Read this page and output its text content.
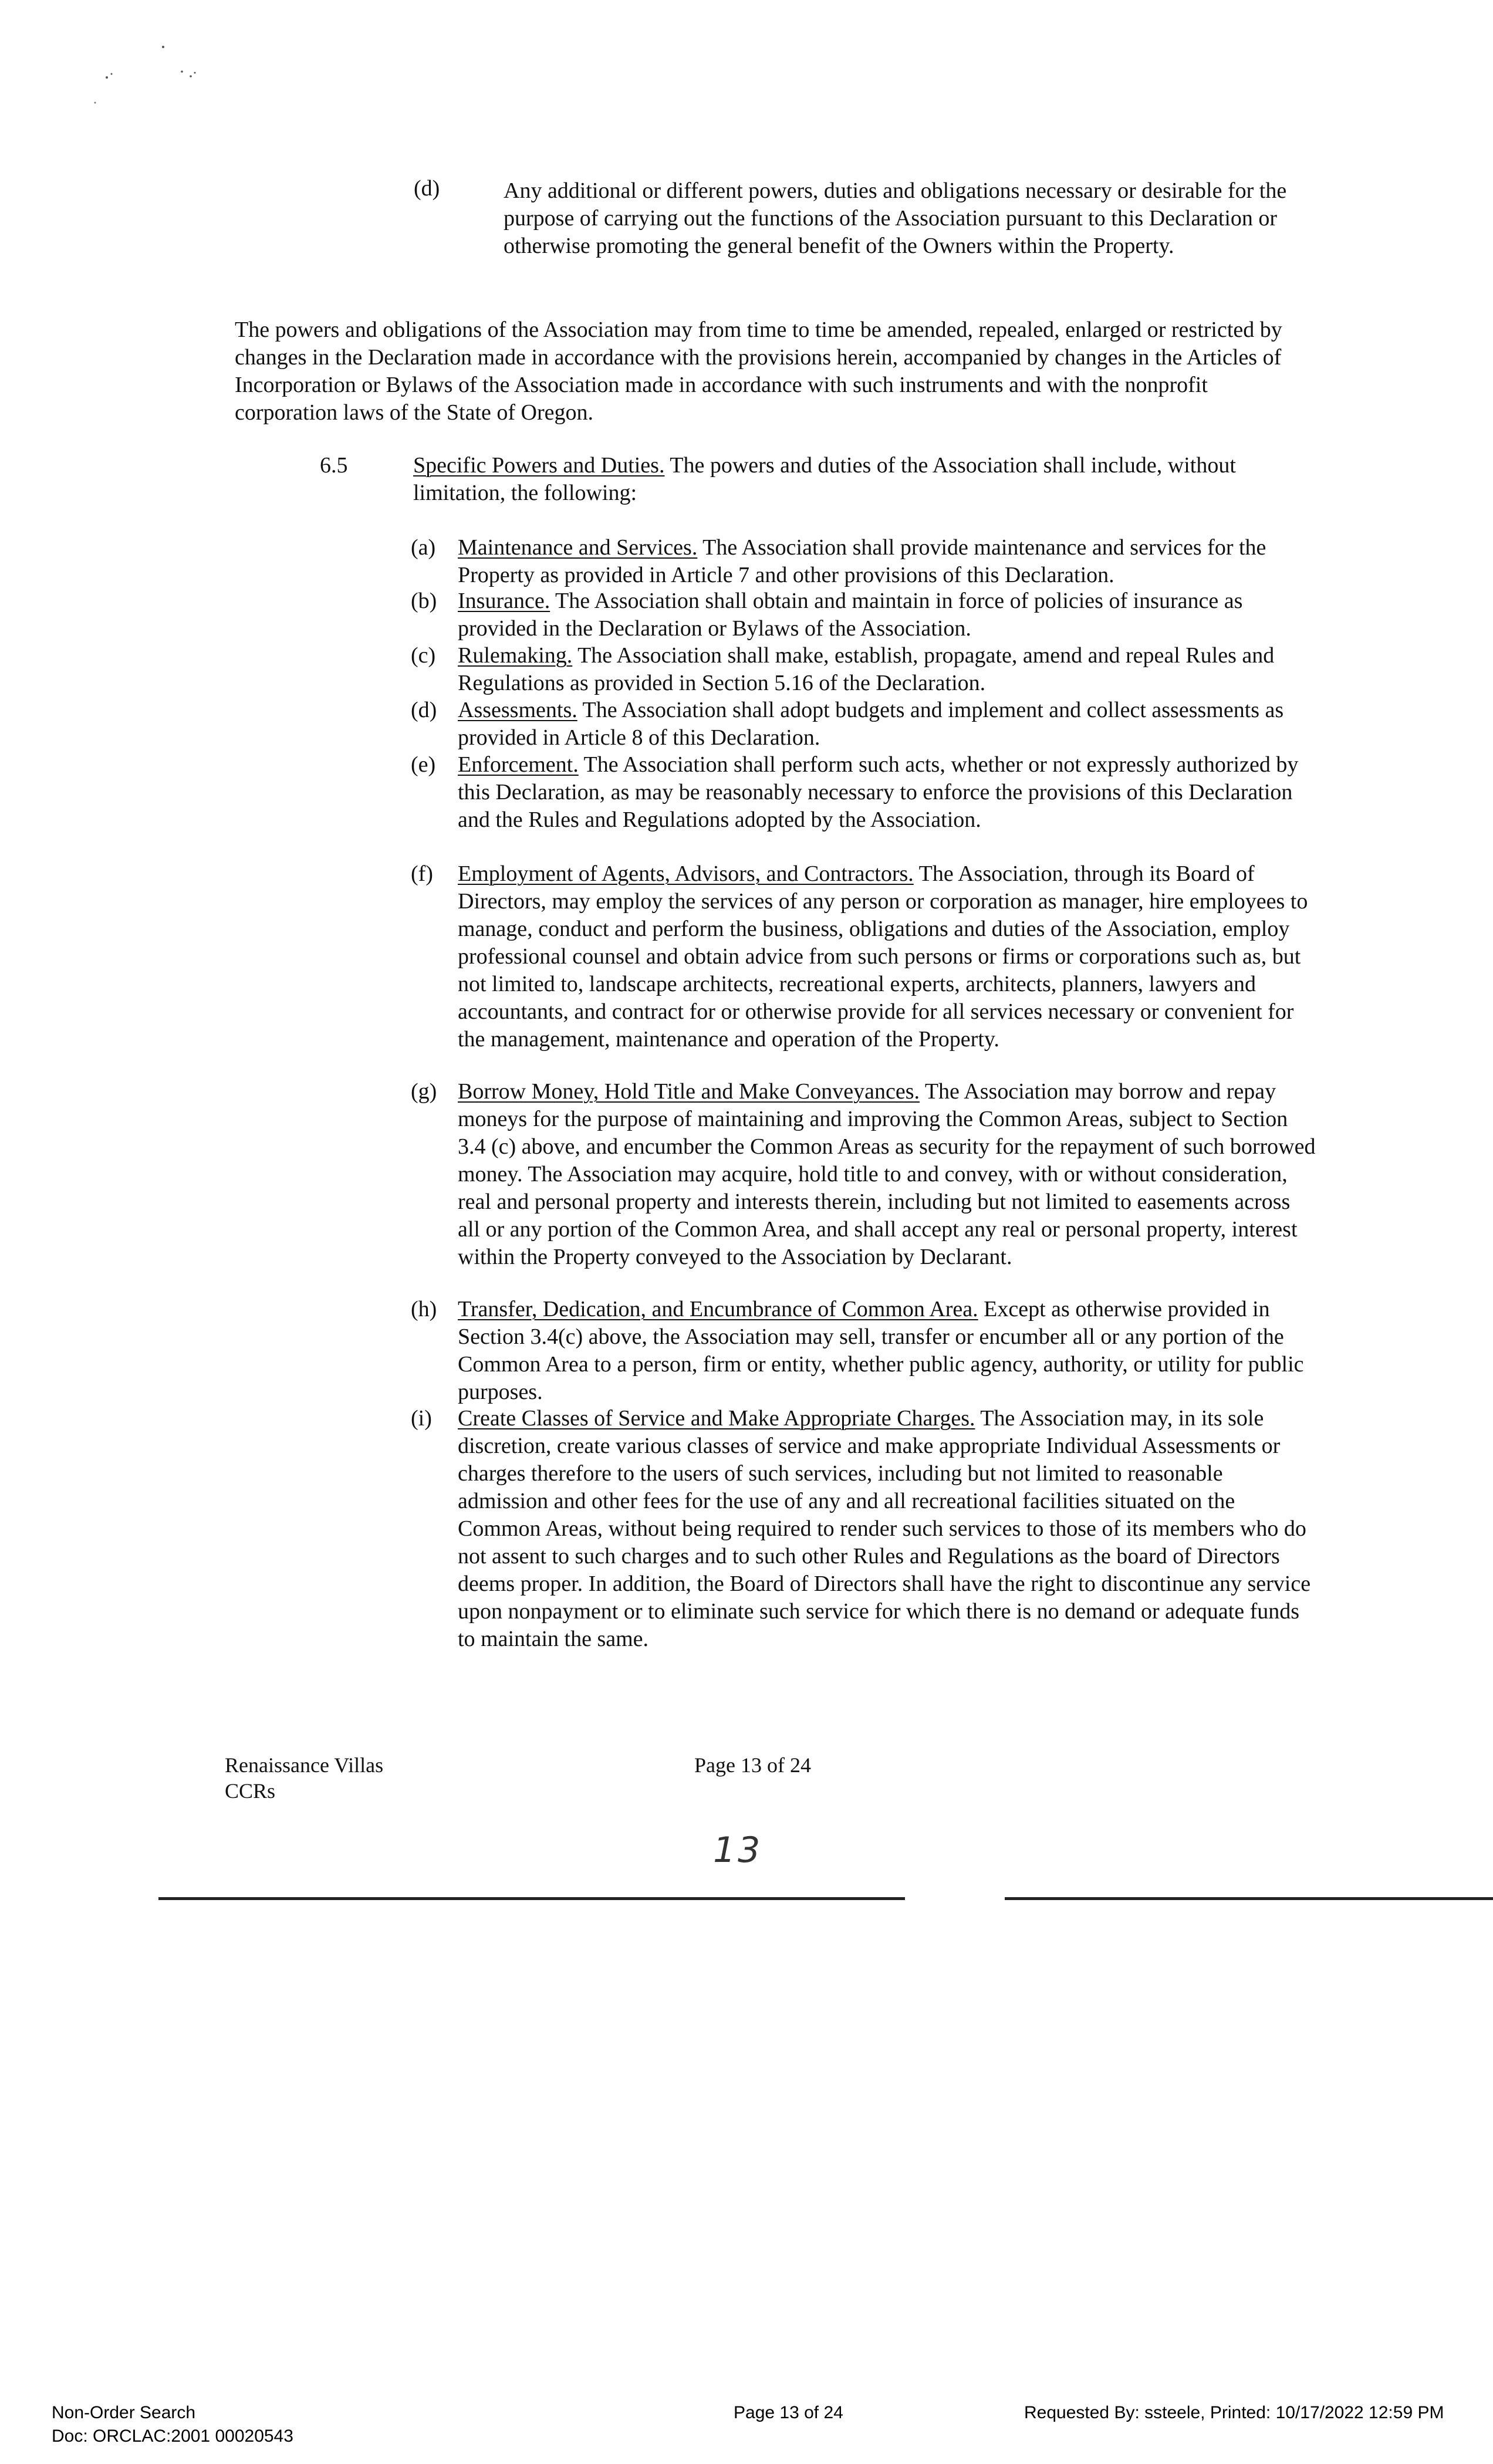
(d)	Any additional or different powers, duties and obligations necessary or desirable for the purpose of carrying out the functions of the Association pursuant to this Declaration or otherwise promoting the general benefit of the Owners within the Property.

The powers and obligations of the Association may from time to time be amended, repealed, enlarged or restricted by changes in the Declaration made in accordance with the provisions herein, accompanied by changes in the Articles of Incorporation or Bylaws of the Association made in accordance with such instruments and with the nonprofit corporation laws of the State of Oregon.

6.5	Specific Powers and Duties. The powers and duties of the Association shall include, without limitation, the following:

(a) Maintenance and Services. The Association shall provide maintenance and services for the Property as provided in Article 7 and other provisions of this Declaration.

(b) Insurance. The Association shall obtain and maintain in force of policies of insurance as provided in the Declaration or Bylaws of the Association.

(c) Rulemaking. The Association shall make, establish, propagate, amend and repeal Rules and Regulations as provided in Section 5.16 of the Declaration.

(d) Assessments. The Association shall adopt budgets and implement and collect assessments as provided in Article 8 of this Declaration.

(e) Enforcement. The Association shall perform such acts, whether or not expressly authorized by this Declaration, as may be reasonably necessary to enforce the provisions of this Declaration and the Rules and Regulations adopted by the Association.

(f) Employment of Agents, Advisors, and Contractors. The Association, through its Board of Directors, may employ the services of any person or corporation as manager, hire employees to manage, conduct and perform the business, obligations and duties of the Association, employ professional counsel and obtain advice from such persons or firms or corporations such as, but not limited to, landscape architects, recreational experts, architects, planners, lawyers and accountants, and contract for or otherwise provide for all services necessary or convenient for the management, maintenance and operation of the Property.

(g) Borrow Money, Hold Title and Make Conveyances. The Association may borrow and repay moneys for the purpose of maintaining and improving the Common Areas, subject to Section 3.4 (c) above, and encumber the Common Areas as security for the repayment of such borrowed money. The Association may acquire, hold title to and convey, with or without consideration, real and personal property and interests therein, including but not limited to easements across all or any portion of the Common Area, and shall accept any real or personal property, interest within the Property conveyed to the Association by Declarant.

(h) Transfer, Dedication, and Encumbrance of Common Area. Except as otherwise provided in Section 3.4(c) above, the Association may sell, transfer or encumber all or any portion of the Common Area to a person, firm or entity, whether public agency, authority, or utility for public purposes.

(i) Create Classes of Service and Make Appropriate Charges. The Association may, in its sole discretion, create various classes of service and make appropriate Individual Assessments or charges therefore to the users of such services, including but not limited to reasonable admission and other fees for the use of any and all recreational facilities situated on the Common Areas, without being required to render such services to those of its members who do not assent to such charges and to such other Rules and Regulations as the board of Directors deems proper. In addition, the Board of Directors shall have the right to discontinue any service upon nonpayment or to eliminate such service for which there is no demand or adequate funds to maintain the same.

Renaissance Villas
CCRs
Page 13 of 24
13
Non-Order Search
Doc: ORCLAC:2001 00020543
Page 13 of 24	Requested By: ssteele, Printed: 10/17/2022 12:59 PM
